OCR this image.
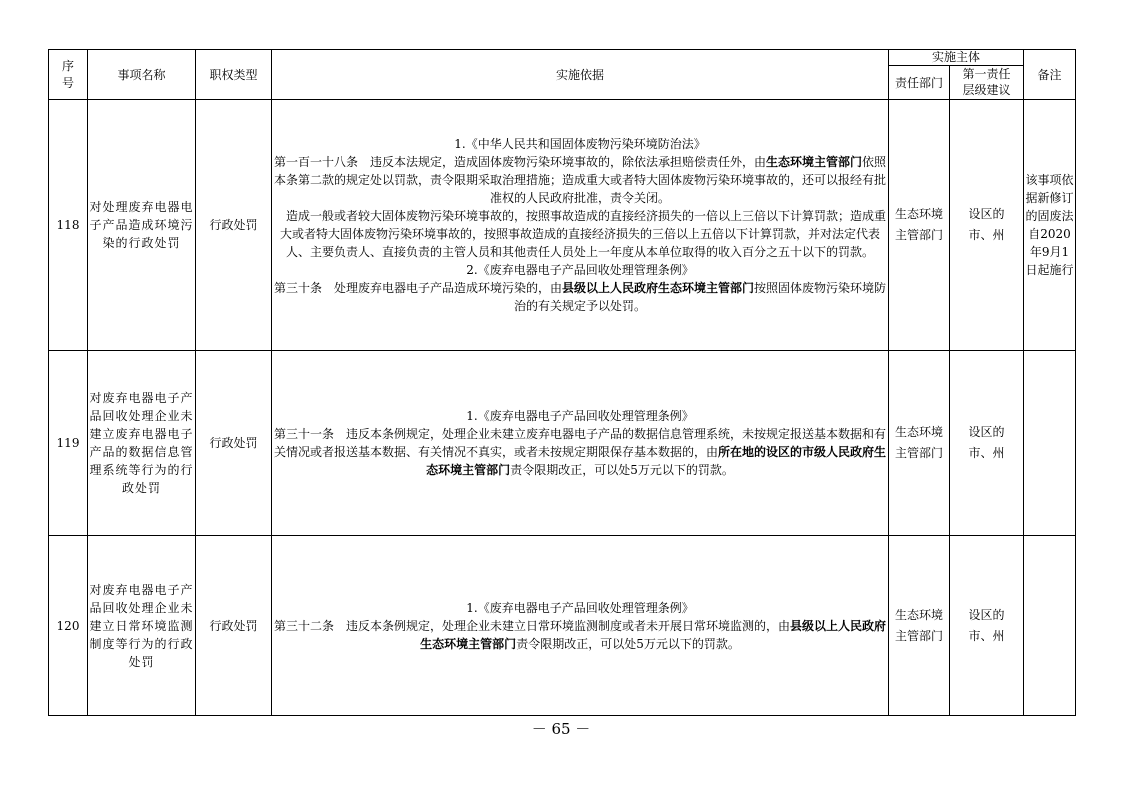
序号	事项名称	职权类型	实施依据	实施主体		备注
				责任部门	第一责任层级建议	
118	对处理废弃电器电子产品造成环境污染的行政处罚	行政处罚	1.《中华人民共和国固体废物污染环境防治法》

第一百一十八条　违反本法规定，造成固体废物污染环境事故的，除依法承担赔偿责任外，由生态环境主管部门依照本条第二款的规定处以罚款，责令限期采取治理措施；造成重大或者特大固体废物污染环境事故的，还可以报经有批准权的人民政府批准，责令关闭。

造成一般或者较大固体废物污染环境事故的，按照事故造成的直接经济损失的一倍以上三倍以下计算罚款；造成重大或者特大固体废物污染环境事故的，按照事故造成的直接经济损失的三倍以上五倍以下计算罚款，并对法定代表人、主要负责人、直接负责的主管人员和其他责任人员处上一年度从本单位取得的收入百分之五十以下的罚款。

2.《废弃电器电子产品回收处理管理条例》

第三十条　处理废弃电器电子产品造成环境污染的，由县级以上人民政府生态环境主管部门按照固体废物污染环境防治的有关规定予以处罚。	生态环境主管部门	设区的市、州	该事项依据新修订的固废法自2020年9月1日起施行
119	对废弃电器电子产品回收处理企业未建立废弃电器电子产品的数据信息管理系统等行为的行政处罚	行政处罚	1.《废弃电器电子产品回收处理管理条例》

第三十一条　违反本条例规定，处理企业未建立废弃电器电子产品的数据信息管理系统，未按规定报送基本数据和有关情况或者报送基本数据、有关情况不真实，或者未按规定期限保存基本数据的，由所在地的设区的市级人民政府生态环境主管部门责令限期改正，可以处5万元以下的罚款。	生态环境主管部门	设区的市、州	
120	对废弃电器电子产品回收处理企业未建立日常环境监测制度等行为的行政处罚	行政处罚	1.《废弃电器电子产品回收处理管理条例》

第三十二条　违反本条例规定，处理企业未建立日常环境监测制度或者未开展日常环境监测的，由县级以上人民政府生态环境主管部门责令限期改正，可以处5万元以下的罚款。	生态环境主管部门	设区的市、州	
－ 65 －
